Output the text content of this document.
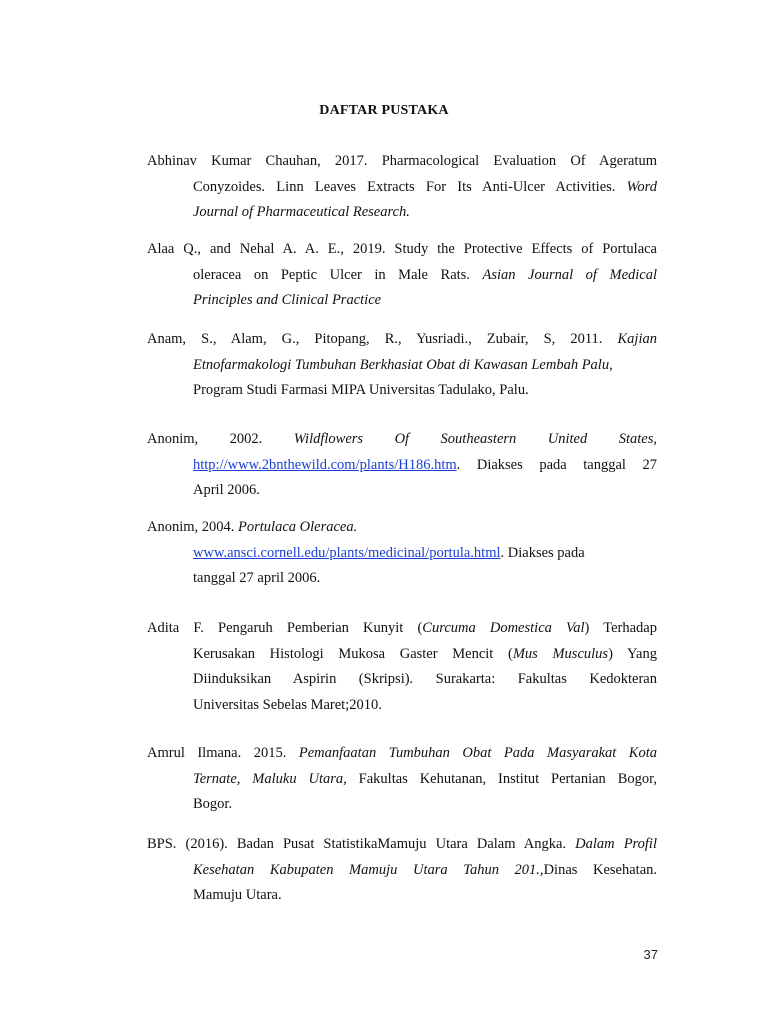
DAFTAR PUSTAKA
Abhinav Kumar Chauhan, 2017. Pharmacological Evaluation Of Ageratum
Conyzoides. Linn Leaves Extracts For Its Anti-Ulcer Activities. Word
Journal of Pharmaceutical Research.
Alaa Q., and Nehal A. A. E., 2019. Study the Protective Effects of Portulaca
oleracea on Peptic Ulcer in Male Rats. Asian Journal of Medical
Principles and Clinical Practice
Anam, S., Alam, G., Pitopang, R., Yusriadi., Zubair, S, 2011. Kajian
Etnofarmakologi Tumbuhan Berkhasiat Obat di Kawasan Lembah Palu,
Program Studi Farmasi MIPA Universitas Tadulako, Palu.
Anonim, 2002. Wildflowers Of Southeastern United States,
http://www.2bnthewild.com/plants/H186.htm. Diakses pada tanggal 27
April 2006.
Anonim, 2004. Portulaca Oleracea.
www.ansci.cornell.edu/plants/medicinal/portula.html. Diakses pada
tanggal 27 april 2006.
Adita F. Pengaruh Pemberian Kunyit (Curcuma Domestica Val) Terhadap
Kerusakan Histologi Mukosa Gaster Mencit (Mus Musculus) Yang
Diinduksikan Aspirin (Skripsi). Surakarta: Fakultas Kedokteran
Universitas Sebelas Maret;2010.
Amrul Ilmana. 2015. Pemanfaatan Tumbuhan Obat Pada Masyarakat Kota
Ternate, Maluku Utara, Fakultas Kehutanan, Institut Pertanian Bogor,
Bogor.
BPS. (2016). Badan Pusat StatistikaMamuju Utara Dalam Angka. Dalam Profil
Kesehatan Kabupaten Mamuju Utara Tahun 201.,Dinas Kesehatan.
Mamuju Utara.
37
